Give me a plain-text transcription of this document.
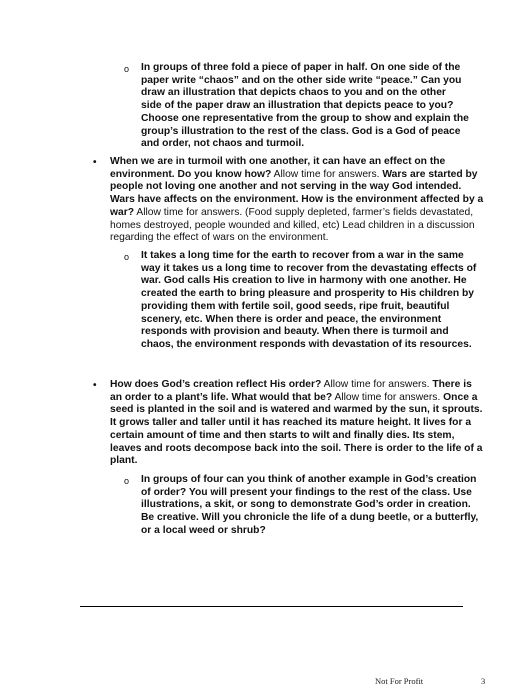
o In groups of three fold a piece of paper in half. On one side of the paper write “chaos” and on the other side write “peace.” Can you draw an illustration that depicts chaos to you and on the other side of the paper draw an illustration that depicts peace to you? Choose one representative from the group to show and explain the group’s illustration to the rest of the class. God is a God of peace and order, not chaos and turmoil.
• When we are in turmoil with one another, it can have an effect on the environment. Do you know how? Allow time for answers. Wars are started by people not loving one another and not serving in the way God intended. Wars have affects on the environment. How is the environment affected by a war? Allow time for answers. (Food supply depleted, farmer’s fields devastated, homes destroyed, people wounded and killed, etc) Lead children in a discussion regarding the effect of wars on the environment.
o It takes a long time for the earth to recover from a war in the same way it takes us a long time to recover from the devastating effects of war. God calls His creation to live in harmony with one another. He created the earth to bring pleasure and prosperity to His children by providing them with fertile soil, good seeds, ripe fruit, beautiful scenery, etc. When there is order and peace, the environment responds with provision and beauty. When there is turmoil and chaos, the environment responds with devastation of its resources.
• How does God’s creation reflect His order? Allow time for answers. There is an order to a plant’s life. What would that be? Allow time for answers. Once a seed is planted in the soil and is watered and warmed by the sun, it sprouts. It grows taller and taller until it has reached its mature height. It lives for a certain amount of time and then starts to wilt and finally dies. Its stem, leaves and roots decompose back into the soil. There is order to the life of a plant.
o In groups of four can you think of another example in God’s creation of order? You will present your findings to the rest of the class. Use illustrations, a skit, or song to demonstrate God’s order in creation. Be creative. Will you chronicle the life of a dung beetle, or a butterfly, or a local weed or shrub?
Not For Profit	3
